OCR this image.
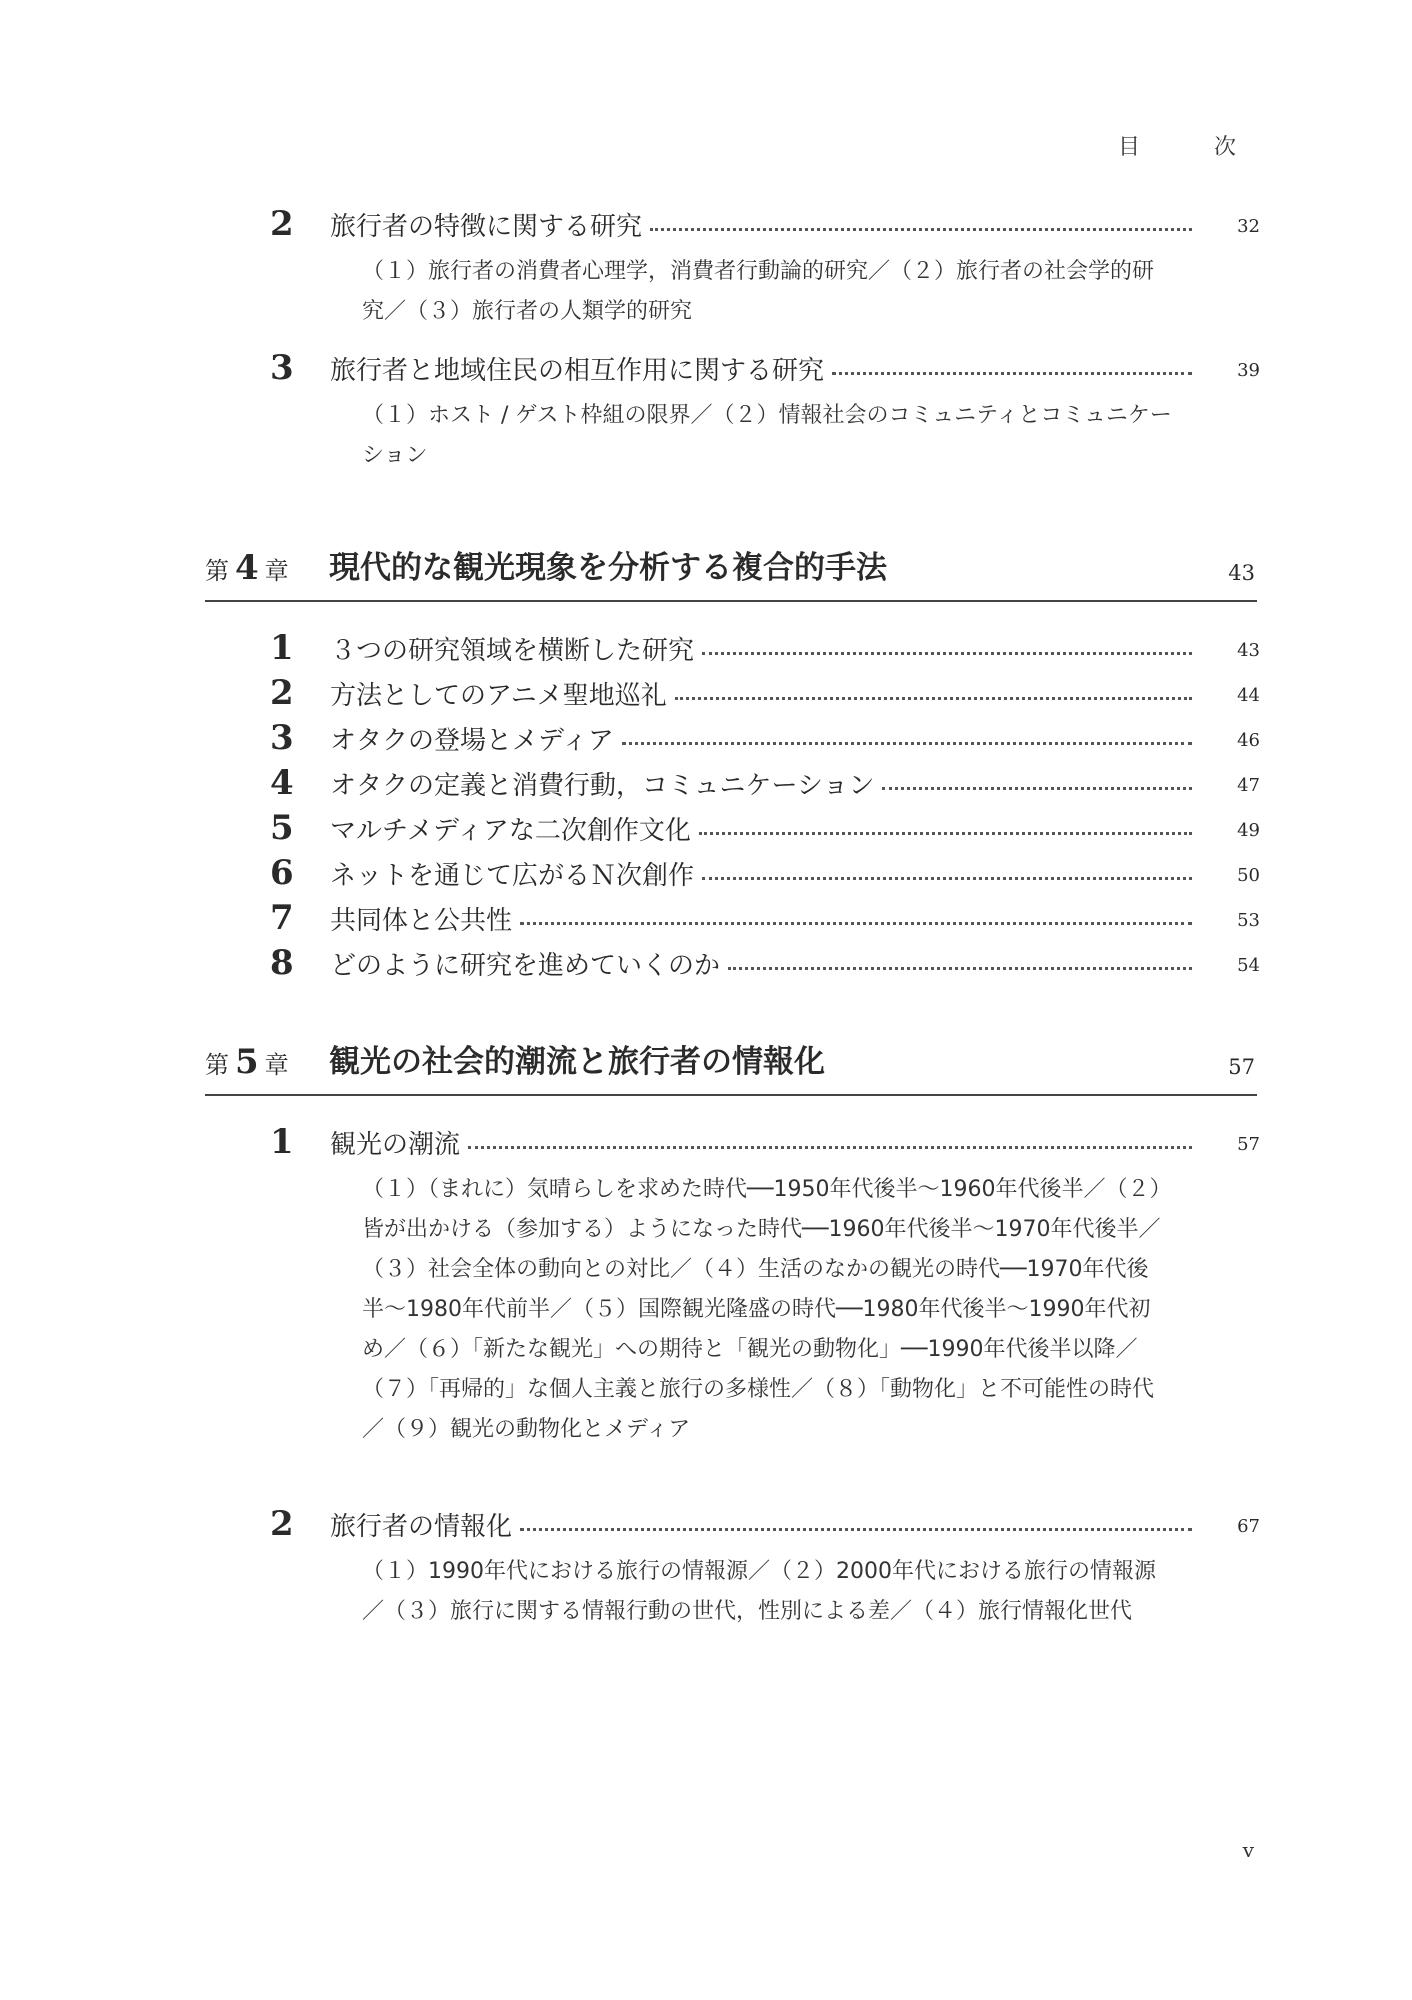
目　次
2 旅行者の特徴に関する研究	32

（１）旅行者の消費者心理学，消費者行動論的研究／（２）旅行者の社会学的研究／（３）旅行者の人類学的研究

3 旅行者と地域住民の相互作用に関する研究	39

（１）ホスト / ゲスト枠組の限界／（２）情報社会のコミュニティとコミュニケーション

第 4 章 現代的な観光現象を分析する複合的手法	43
1 ３つの研究領域を横断した研究	43
2 方法としてのアニメ聖地巡礼	44
3 オタクの登場とメディア	46
4 オタクの定義と消費行動，コミュニケーション	47
5 マルチメディアな二次創作文化	49
6 ネットを通じて広がるＮ次創作	50
7 共同体と公共性	53
8 どのように研究を進めていくのか	54
第 5 章 観光の社会的潮流と旅行者の情報化	57
1 観光の潮流	57

（１）（まれに）気晴らしを求めた時代──1950年代後半〜1960年代後半／（２）皆が出かける（参加する）ようになった時代──1960年代後半〜1970年代後半／（３）社会全体の動向との対比／（４）生活のなかの観光の時代──1970年代後半〜1980年代前半／（５）国際観光隆盛の時代──1980年代後半〜1990年代初め／（６）「新たな観光」への期待と「観光の動物化」──1990年代後半以降／（７）「再帰的」な個人主義と旅行の多様性／（８）「動物化」と不可能性の時代／（９）観光の動物化とメディア

2 旅行者の情報化	67

（１）1990年代における旅行の情報源／（２）2000年代における旅行の情報源／（３）旅行に関する情報行動の世代，性別による差／（４）旅行情報化世代

v
